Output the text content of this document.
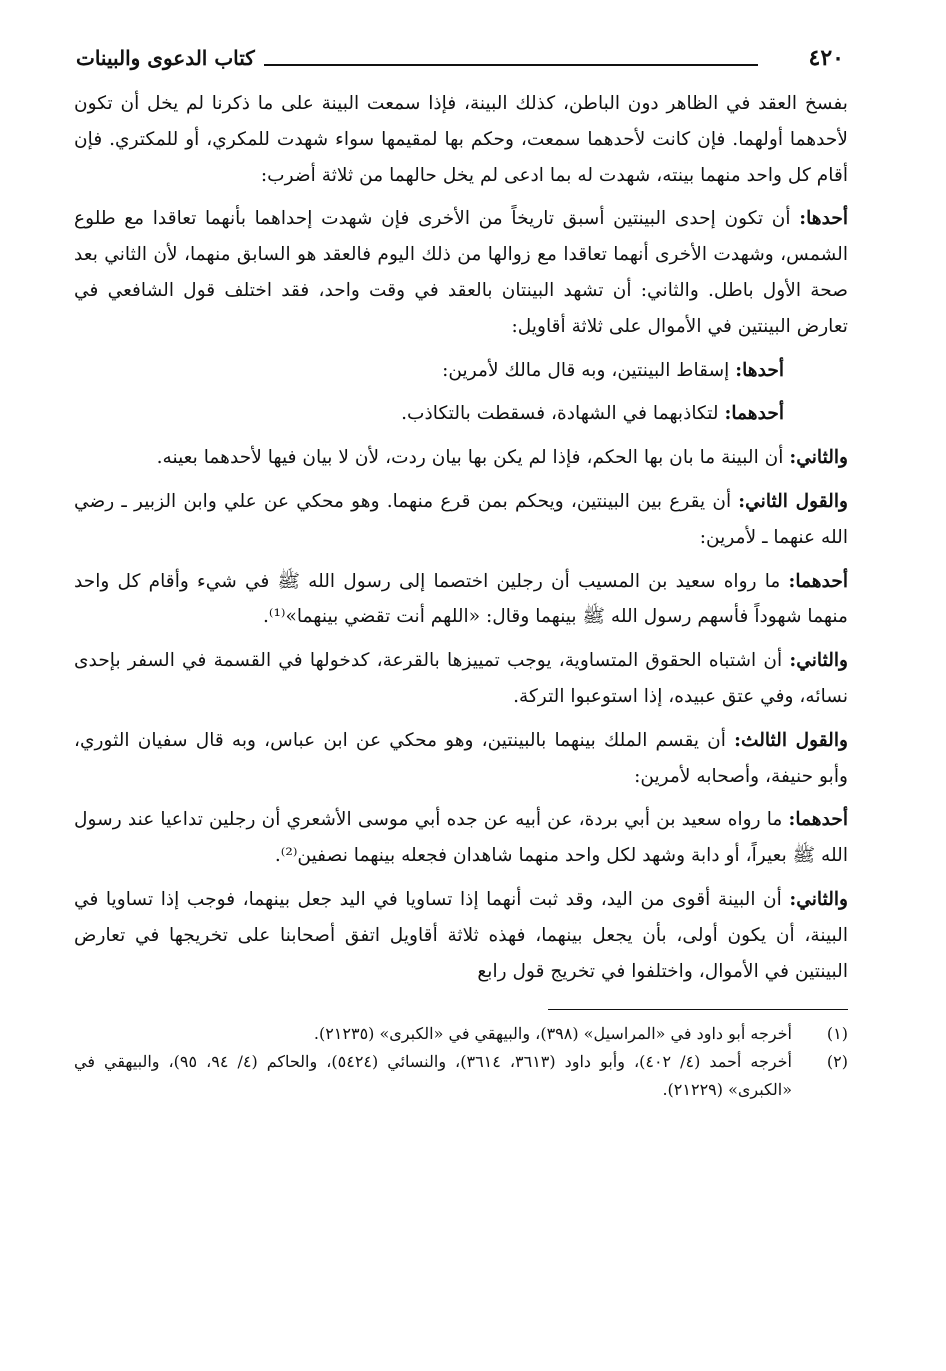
٤٢٠
كتاب الدعوى والبينات

بفسخ العقد في الظاهر دون الباطن، كذلك البينة، فإذا سمعت البينة على ما ذكرنا لم يخل أن تكون لأحدهما أولهما. فإن كانت لأحدهما سمعت، وحكم بها لمقيمها سواء شهدت للمكري، أو للمكتري. فإن أقام كل واحد منهما بينته، شهدت له بما ادعى لم يخل حالهما من ثلاثة أضرب:

أحدها: أن تكون إحدى البينتين أسبق تاريخاً من الأخرى فإن شهدت إحداهما بأنهما تعاقدا مع طلوع الشمس، وشهدت الأخرى أنهما تعاقدا مع زوالها من ذلك اليوم فالعقد هو السابق منهما، لأن الثاني بعد صحة الأول باطل. والثاني: أن تشهد البينتان بالعقد في وقت واحد، فقد اختلف قول الشافعي في تعارض البينتين في الأموال على ثلاثة أقاويل:

أحدها: إسقاط البينتين، وبه قال مالك لأمرين:

أحدهما: لتكاذبهما في الشهادة، فسقطت بالتكاذب.

والثاني: أن البينة ما بان بها الحكم، فإذا لم يكن بها بيان ردت، لأن لا بيان فيها لأحدهما بعينه.

والقول الثاني: أن يقرع بين البينتين، ويحكم بمن قرع منهما. وهو محكي عن علي وابن الزبير ـ رضي الله عنهما ـ لأمرين:

أحدهما: ما رواه سعيد بن المسيب أن رجلين اختصما إلى رسول الله ﷺ في شيء وأقام كل واحد منهما شهوداً فأسهم رسول الله ﷺ بينهما وقال: «اللهم أنت تقضي بينهما»⁽¹⁾.

والثاني: أن اشتباه الحقوق المتساوية، يوجب تمييزها بالقرعة، كدخولها في القسمة في السفر بإحدى نسائه، وفي عتق عبيده، إذا استوعبوا التركة.

والقول الثالث: أن يقسم الملك بينهما بالبينتين، وهو محكي عن ابن عباس، وبه قال سفيان الثوري، وأبو حنيفة، وأصحابه لأمرين:

أحدهما: ما رواه سعيد بن أبي بردة، عن أبيه عن جده أبي موسى الأشعري أن رجلين تداعيا عند رسول الله ﷺ بعيراً، أو دابة وشهد لكل واحد منهما شاهدان فجعله بينهما نصفين⁽²⁾.

والثاني: أن البينة أقوى من اليد، وقد ثبت أنهما إذا تساويا في اليد جعل بينهما، فوجب إذا تساويا في البينة، أن يكون أولى، بأن يجعل بينهما، فهذه ثلاثة أقاويل اتفق أصحابنا على تخريجها في تعارض البينتين في الأموال، واختلفوا في تخريج قول رابع

(١)
أخرجه أبو داود في «المراسيل» (٣٩٨)، والبيهقي في «الكبرى» (٢١٢٣٥).
(٢)
أخرجه أحمد (٤/ ٤٠٢)، وأبو داود (٣٦١٣، ٣٦١٤)، والنسائي (٥٤٢٤)، والحاكم (٤/ ٩٤، ٩٥)، والبيهقي في «الكبرى» (٢١٢٢٩).
